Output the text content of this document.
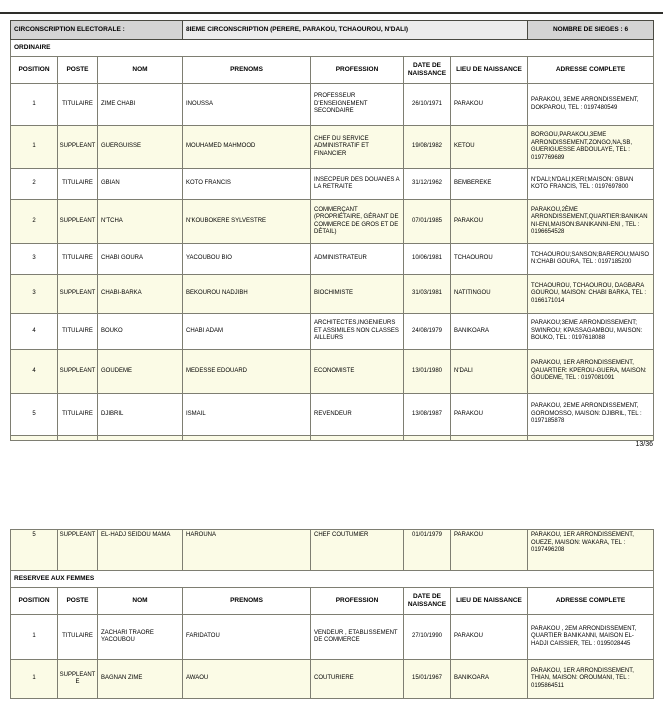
CIRCONSCRIPTION ELECTORALE :			8IEME CIRCONSCRIPTION (PERERE, PARAKOU, TCHAOUROU, N'DALI)				NOMBRE DE SIEGES : 6
ORDINAIRE							
POSITION	POSTE	NOM	PRENOMS	PROFESSION	DATE DE NAISSANCE	LIEU DE NAISSANCE	ADRESSE COMPLETE
1	TITULAIRE	ZIME CHABI	INOUSSA	PROFESSEUR D'ENSEIGNEMENT SECONDAIRE	26/10/1971	PARAKOU	PARAKOU, 3EME ARRONDISSEMENT, DOKPAROU, TEL : 0197480549
1	SUPPLEANT	GUERGUISSE	MOUHAMED MAHMOOD	CHEF DU SERVICE ADMINISTRATIF ET FINANCIER	19/08/1982	KETOU	BORGOU,PARAKOU,3EME ARRONDISSEMENT,ZONGO,NA,SB, GUERIGUESSE ABDOULAYE, TEL : 0197769689
2	TITULAIRE	GBIAN	KOTO FRANCIS	INSECPEUR DES DOUANES A LA RETRAITE	31/12/1962	BEMBEREKE	N'DALI;N'DALI;KERI;MAISON: GBIAN KOTO FRANCIS, TEL : 0197697800
2	SUPPLEANT	N'TCHA	N'KOUBOKERE SYLVESTRE	COMMERÇANT (PROPRIÉTAIRE, GÉRANT DE COMMERCE DE GROS ET DE DÉTAIL)	07/01/1985	PARAKOU	PARAKOU,2ÈME ARRONDISSEMENT,QUARTIER:BANIKANNI-ENI,MAISON:BANIKANNI-ENI , TEL : 0196654528
3	TITULAIRE	CHABI GOURA	YACOUBOU BIO	ADMINISTRATEUR	10/06/1981	TCHAOUROU	TCHAOUROU;SANSON;BAREROU;MAISON:CHABI GOURA, TEL : 0197185200
3	SUPPLEANT	CHABI-BARKA	BEKOUROU NADJIBH	BIOCHIMISTE	31/03/1981	NATITINGOU	TCHAOUROU, TCHAOUROU, DAGBARA GOUROU, MAISON: CHABI BARKA, TEL : 0166171014
4	TITULAIRE	BOUKO	CHABI ADAM	ARCHITECTES,INGENIEURS ET ASSIMILES NON CLASSES AILLEURS	24/08/1979	BANIKOARA	PARAKOU;3EME ARRONDISSEMENT; SWINROU; KPASSAGAMBOU, MAISON: BOUKO, TEL : 0197618088
4	SUPPLEANT	GOUDEME	MEDESSE EDOUARD	ECONOMISTE	13/01/1980	N'DALI	PARAKOU, 1ER ARRONDISSEMENT, QAUARTIER: KPEROU-GUERA, MAISON: GOUDEME, TEL : 0197081091
5	TITULAIRE	DJIBRIL	ISMAIL	REVENDEUR	13/08/1987	PARAKOU	PARAKOU, 2EME ARRONDISSEMENT, GOROMOSSO, MAISON: DJIBRIL, TEL : 0197185878

13/36
5	SUPPLEANT	EL-HADJ SEIDOU MAMA	HAROUNA	CHEF COUTUMIER	01/01/1979	PARAKOU	PARAKOU, 1ER ARRONDISSEMENT, OUEZE, MAISON: WAKARA, TEL : 0197496208
RESERVEE AUX FEMMES							
POSITION	POSTE	NOM	PRENOMS	PROFESSION	DATE DE NAISSANCE	LIEU DE NAISSANCE	ADRESSE COMPLETE
1	TITULAIRE	ZACHARI TRAORE YACOUBOU	FARIDATOU	VENDEUR , ETABLISSEMENT DE COMMERCE	27/10/1990	PARAKOU	PARAKOU , 2EM ARRONDISSEMENT, QUARTIER BANIKANNI, MAISON EL-HADJI CAISSIER, TEL : 0195028445
1	SUPPLEANTE	BAGNAN ZIME	AWAOU	COUTURIERE	15/01/1967	BANIKOARA	PARAKOU, 1ER ARRONDISSEMENT, THIAN, MAISON: OROUMANI, TEL : 0195864511
